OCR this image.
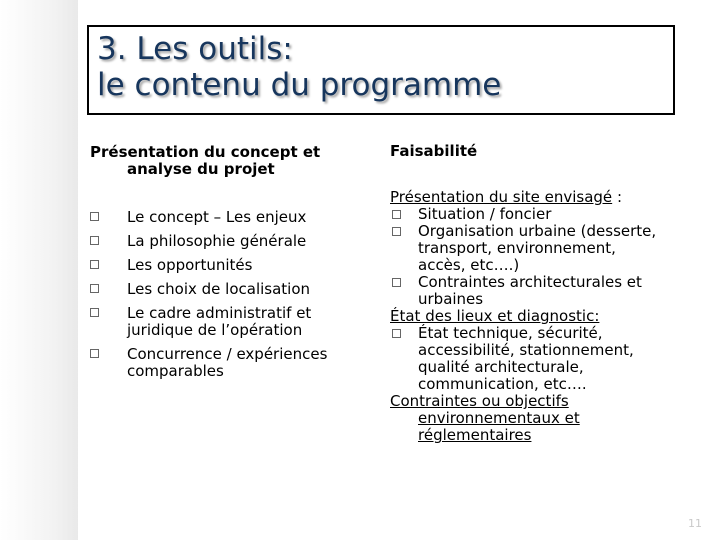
3. Les outils:
le contenu du programme
Présentation du concept et
analyse du projet
Le concept – Les enjeux
La philosophie générale
Les opportunités
Les choix de localisation
Le cadre administratif et
juridique de l’opération
Concurrence / expériences
comparables
Faisabilité
Présentation du site envisagé :
Situation / foncier
Organisation urbaine (desserte,
transport, environnement,
accès, etc….)
Contraintes architecturales et
urbaines
État des lieux et diagnostic:
État technique, sécurité,
accessibilité, stationnement,
qualité architecturale,
communication, etc….
Contraintes ou objectifs
environnementaux et
réglementaires
11
